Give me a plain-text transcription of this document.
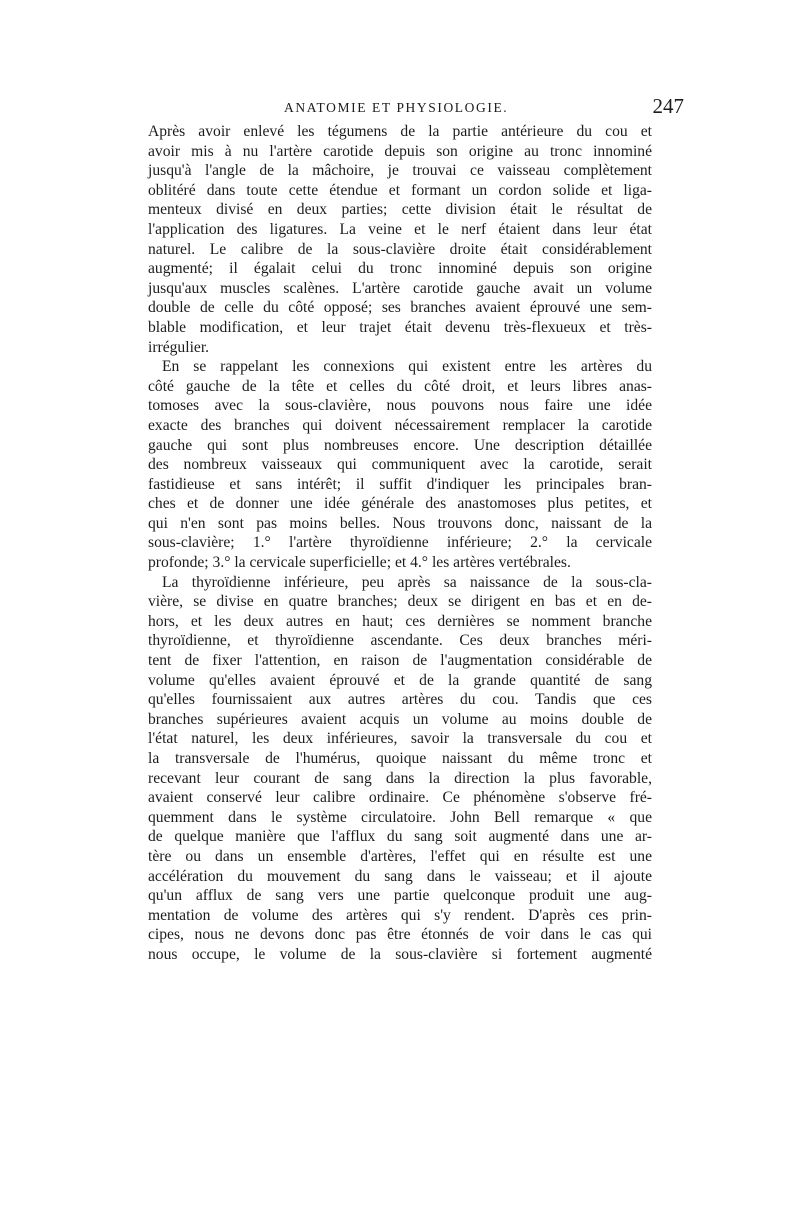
ANATOMIE ET PHYSIOLOGIE.	247
Après avoir enlevé les tégumens de la partie antérieure du cou et
avoir mis à nu l'artère carotide depuis son origine au tronc innominé
jusqu'à l'angle de la mâchoire, je trouvai ce vaisseau complètement
oblitéré dans toute cette étendue et formant un cordon solide et liga-
menteux divisé en deux parties; cette division était le résultat de
l'application des ligatures. La veine et le nerf étaient dans leur état
naturel. Le calibre de la sous-clavière droite était considérablement
augmenté; il égalait celui du tronc innominé depuis son origine
jusqu'aux muscles scalènes. L'artère carotide gauche avait un volume
double de celle du côté opposé; ses branches avaient éprouvé une sem-
blable modification, et leur trajet était devenu très-flexueux et très-
irrégulier.
En se rappelant les connexions qui existent entre les artères du
côté gauche de la tête et celles du côté droit, et leurs libres anas-
tomoses avec la sous-clavière, nous pouvons nous faire une idée
exacte des branches qui doivent nécessairement remplacer la carotide
gauche qui sont plus nombreuses encore. Une description détaillée
des nombreux vaisseaux qui communiquent avec la carotide, serait
fastidieuse et sans intérêt; il suffit d'indiquer les principales bran-
ches et de donner une idée générale des anastomoses plus petites, et
qui n'en sont pas moins belles. Nous trouvons donc, naissant de la
sous-clavière; 1.° l'artère thyroïdienne inférieure; 2.° la cervicale
profonde; 3.° la cervicale superficielle; et 4.° les artères vertébrales.
La thyroïdienne inférieure, peu après sa naissance de la sous-cla-
vière, se divise en quatre branches; deux se dirigent en bas et en de-
hors, et les deux autres en haut; ces dernières se nomment branche
thyroïdienne, et thyroïdienne ascendante. Ces deux branches méri-
tent de fixer l'attention, en raison de l'augmentation considérable de
volume qu'elles avaient éprouvé et de la grande quantité de sang
qu'elles fournissaient aux autres artères du cou. Tandis que ces
branches supérieures avaient acquis un volume au moins double de
l'état naturel, les deux inférieures, savoir la transversale du cou et
la transversale de l'humérus, quoique naissant du même tronc et
recevant leur courant de sang dans la direction la plus favorable,
avaient conservé leur calibre ordinaire. Ce phénomène s'observe fré-
quemment dans le système circulatoire. John Bell remarque « que
de quelque manière que l'afflux du sang soit augmenté dans une ar-
tère ou dans un ensemble d'artères, l'effet qui en résulte est une
accélération du mouvement du sang dans le vaisseau; et il ajoute
qu'un afflux de sang vers une partie quelconque produit une aug-
mentation de volume des artères qui s'y rendent. D'après ces prin-
cipes, nous ne devons donc pas être étonnés de voir dans le cas qui
nous occupe, le volume de la sous-clavière si fortement augmenté
